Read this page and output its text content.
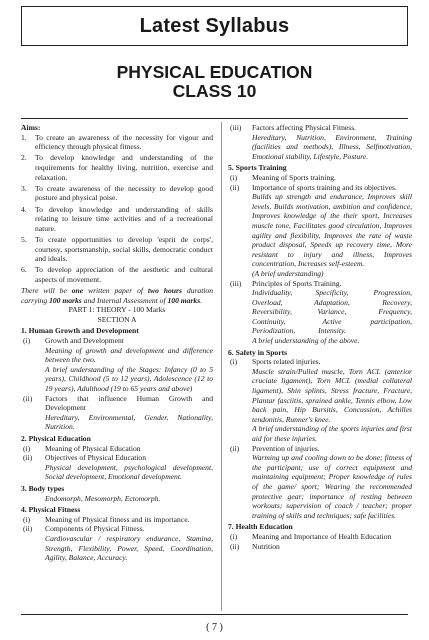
Latest Syllabus
PHYSICAL EDUCATION
CLASS 10

Aims:

1.	To create an awareness of the necessity for vigour and efficiency through physical fitness.
2.	To develop knowledge and understanding of the requirements for healthy living, nutrition, exercise and relaxation.
3.	To create awareness of the necessity to develop good posture and physical poise.
4.	To develop knowledge and understanding of skills relating to leisure time activities and of a recreational nature.
5.	To create opportunities to develop 'esprit de corps', courtesy, sportsmanship, social skills, democratic conduct and ideals.
6.	To develop appreciation of the aesthetic and cultural aspects of movement.

There will be one written paper of two hours duration carrying 100 marks and Internal Assessment of 100 marks.

PART 1: THEORY - 100 Marks

SECTION A

1. Human Growth and Development

(i)	Growth and Development

Meaning of growth and development and difference between the two.

A brief understanding of the Stages: Infancy (0 to 5 years), Childhood (5 to 12 years), Adolescence (12 to 19 years), Adulthood (19 to 65 years and above)

(ii)	Factors that influence Human Growth and Development

Hereditary, Environmental, Gender, Nationality, Nutrition.

2. Physical Education

(i)	Meaning of Physical Education
(ii)	Objectives of Physical Education

Physical development, psychological development, Social development, Emotional development.

3. Body types

Endomorph, Mesomorph, Ectomorph.

4. Physical Fitness

(i)	Meaning of Physical fitness and its importance.
(ii)	Components of Physical Fitness.

Cardiovascular / respiratory endurance, Stamina, Strength, Flexibility, Power, Speed, Coordination, Agility, Balance, Accuracy.

(iii)	Factors affecting Physical Fitness.

Hereditary, Nutrition, Environment, Training (facilities and methods), Illness, Selfmotivation, Emotional stability, Lifestyle, Posture.

5. Sports Training

(i)	Meaning of Sports training.
(ii)	Importance of sports training and its objectives.

Builds up strength and endurance, Improves skill levels, Builds motivation, ambition and confidence, Improves knowledge of the their sport, Increases muscle tone, Facilitates good circulation, Improves agility and flexibility, Improves the rate of waste product disposal, Speeds up recovery time, More resistant to injury and illness, Improves concentration, Increases self-esteem.

(A brief understanding)

(iii)	Principles of Sports Training.
Individuality,	Specificity,	Progression,
Overload,	Adaptation,	Recovery,
Reversibility,	Variance,	Frequency,
Continuity,	Active	participation,
Periodization,	Intensity.

A brief understanding of the above.

6. Safety in Sports

(i)	Sports related injuries.

Muscle strain/Pulled muscle, Torn ACL (anterior cruciate ligament), Torn MCL (medial collateral ligament), Shin splints, Stress fracture, Fracture, Plantar fasciitis, sprained ankle, Tennis elbow, Low back pain, Hip Bursitis, Concussion, Achilles tendonitis, Runner's knee.

A brief understanding of the sports injuries and first aid for these injuries.

(ii)	Prevention of injuries.

Warming up and cooling down to be done; fitness of the participant; use of correct equipment and maintaining equipment; Proper knowledge of rules of the game/ sport; Wearing the recommended protective gear; importance of resting between workouts; supervision of coach / teacher; proper training of skills and techniques; safe facilities.

7. Health Education

(i)	Meaning and Importance of Health Education
(ii)	Nutrition
( 7 )
